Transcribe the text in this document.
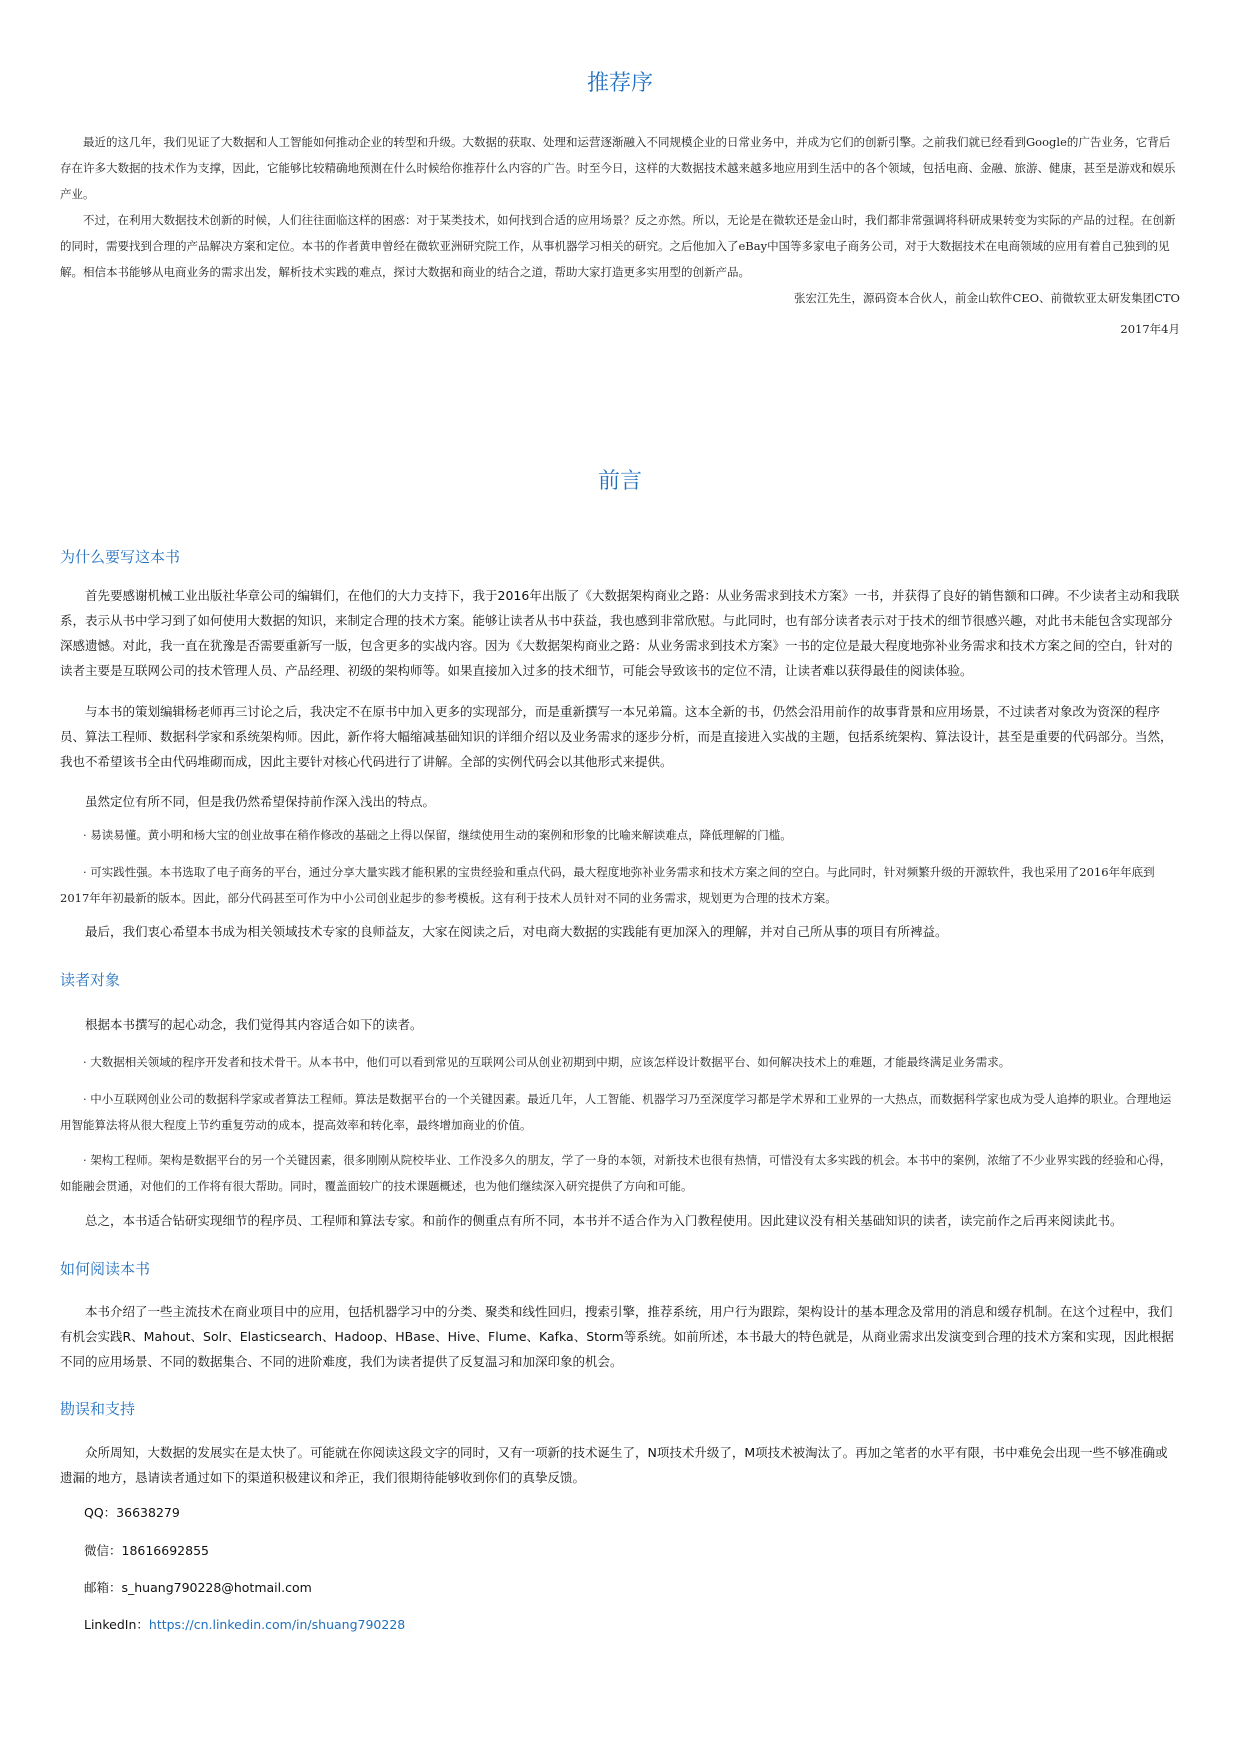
推荐序

最近的这几年，我们见证了大数据和人工智能如何推动企业的转型和升级。大数据的获取、处理和运营逐渐融入不同规模企业的日常业务中，并成为它们的创新引擎。之前我们就已经看到Google的广告业务，它背后存在许多大数据的技术作为支撑，因此，它能够比较精确地预测在什么时候给你推荐什么内容的广告。时至今日，这样的大数据技术越来越多地应用到生活中的各个领域，包括电商、金融、旅游、健康，甚至是游戏和娱乐产业。

不过，在利用大数据技术创新的时候，人们往往面临这样的困惑：对于某类技术，如何找到合适的应用场景？反之亦然。所以，无论是在微软还是金山时，我们都非常强调将科研成果转变为实际的产品的过程。在创新的同时，需要找到合理的产品解决方案和定位。本书的作者黄申曾经在微软亚洲研究院工作，从事机器学习相关的研究。之后他加入了eBay中国等多家电子商务公司，对于大数据技术在电商领域的应用有着自己独到的见解。相信本书能够从电商业务的需求出发，解析技术实践的难点，探讨大数据和商业的结合之道，帮助大家打造更多实用型的创新产品。

张宏江先生，源码资本合伙人，前金山软件CEO、前微软亚太研发集团CTO

2017年4月

前言
为什么要写这本书

首先要感谢机械工业出版社华章公司的编辑们，在他们的大力支持下，我于2016年出版了《大数据架构商业之路：从业务需求到技术方案》一书，并获得了良好的销售额和口碑。不少读者主动和我联系，表示从书中学习到了如何使用大数据的知识，来制定合理的技术方案。能够让读者从书中获益，我也感到非常欣慰。与此同时，也有部分读者表示对于技术的细节很感兴趣，对此书未能包含实现部分深感遗憾。对此，我一直在犹豫是否需要重新写一版，包含更多的实战内容。因为《大数据架构商业之路：从业务需求到技术方案》一书的定位是最大程度地弥补业务需求和技术方案之间的空白，针对的读者主要是互联网公司的技术管理人员、产品经理、初级的架构师等。如果直接加入过多的技术细节，可能会导致该书的定位不清，让读者难以获得最佳的阅读体验。

与本书的策划编辑杨老师再三讨论之后，我决定不在原书中加入更多的实现部分，而是重新撰写一本兄弟篇。这本全新的书，仍然会沿用前作的故事背景和应用场景，不过读者对象改为资深的程序员、算法工程师、数据科学家和系统架构师。因此，新作将大幅缩减基础知识的详细介绍以及业务需求的逐步分析，而是直接进入实战的主题，包括系统架构、算法设计，甚至是重要的代码部分。当然，我也不希望该书全由代码堆砌而成，因此主要针对核心代码进行了讲解。全部的实例代码会以其他形式来提供。

虽然定位有所不同，但是我仍然希望保持前作深入浅出的特点。

· 易读易懂。黄小明和杨大宝的创业故事在稍作修改的基础之上得以保留，继续使用生动的案例和形象的比喻来解读难点，降低理解的门槛。

· 可实践性强。本书选取了电子商务的平台，通过分享大量实践才能积累的宝贵经验和重点代码，最大程度地弥补业务需求和技术方案之间的空白。与此同时，针对频繁升级的开源软件，我也采用了2016年年底到2017年年初最新的版本。因此，部分代码甚至可作为中小公司创业起步的参考模板。这有利于技术人员针对不同的业务需求，规划更为合理的技术方案。

最后，我们衷心希望本书成为相关领域技术专家的良师益友，大家在阅读之后，对电商大数据的实践能有更加深入的理解，并对自己所从事的项目有所裨益。

读者对象

根据本书撰写的起心动念，我们觉得其内容适合如下的读者。

· 大数据相关领域的程序开发者和技术骨干。从本书中，他们可以看到常见的互联网公司从创业初期到中期，应该怎样设计数据平台、如何解决技术上的难题，才能最终满足业务需求。

· 中小互联网创业公司的数据科学家或者算法工程师。算法是数据平台的一个关键因素。最近几年，人工智能、机器学习乃至深度学习都是学术界和工业界的一大热点，而数据科学家也成为受人追捧的职业。合理地运用智能算法将从很大程度上节约重复劳动的成本，提高效率和转化率，最终增加商业的价值。

· 架构工程师。架构是数据平台的另一个关键因素，很多刚刚从院校毕业、工作没多久的朋友，学了一身的本领，对新技术也很有热情，可惜没有太多实践的机会。本书中的案例，浓缩了不少业界实践的经验和心得，如能融会贯通，对他们的工作将有很大帮助。同时，覆盖面较广的技术课题概述，也为他们继续深入研究提供了方向和可能。

总之，本书适合钻研实现细节的程序员、工程师和算法专家。和前作的侧重点有所不同，本书并不适合作为入门教程使用。因此建议没有相关基础知识的读者，读完前作之后再来阅读此书。

如何阅读本书

本书介绍了一些主流技术在商业项目中的应用，包括机器学习中的分类、聚类和线性回归，搜索引擎，推荐系统，用户行为跟踪，架构设计的基本理念及常用的消息和缓存机制。在这个过程中，我们有机会实践R、Mahout、Solr、Elasticsearch、Hadoop、HBase、Hive、Flume、Kafka、Storm等系统。如前所述，本书最大的特色就是，从商业需求出发演变到合理的技术方案和实现，因此根据不同的应用场景、不同的数据集合、不同的进阶难度，我们为读者提供了反复温习和加深印象的机会。

勘误和支持

众所周知，大数据的发展实在是太快了。可能就在你阅读这段文字的同时，又有一项新的技术诞生了，N项技术升级了，M项技术被淘汰了。再加之笔者的水平有限，书中难免会出现一些不够准确或遗漏的地方，恳请读者通过如下的渠道积极建议和斧正，我们很期待能够收到你们的真挚反馈。

QQ：36638279

微信：18616692855

邮箱：s_huang790228@hotmail.com

LinkedIn：https://cn.linkedin.com/in/shuang790228
